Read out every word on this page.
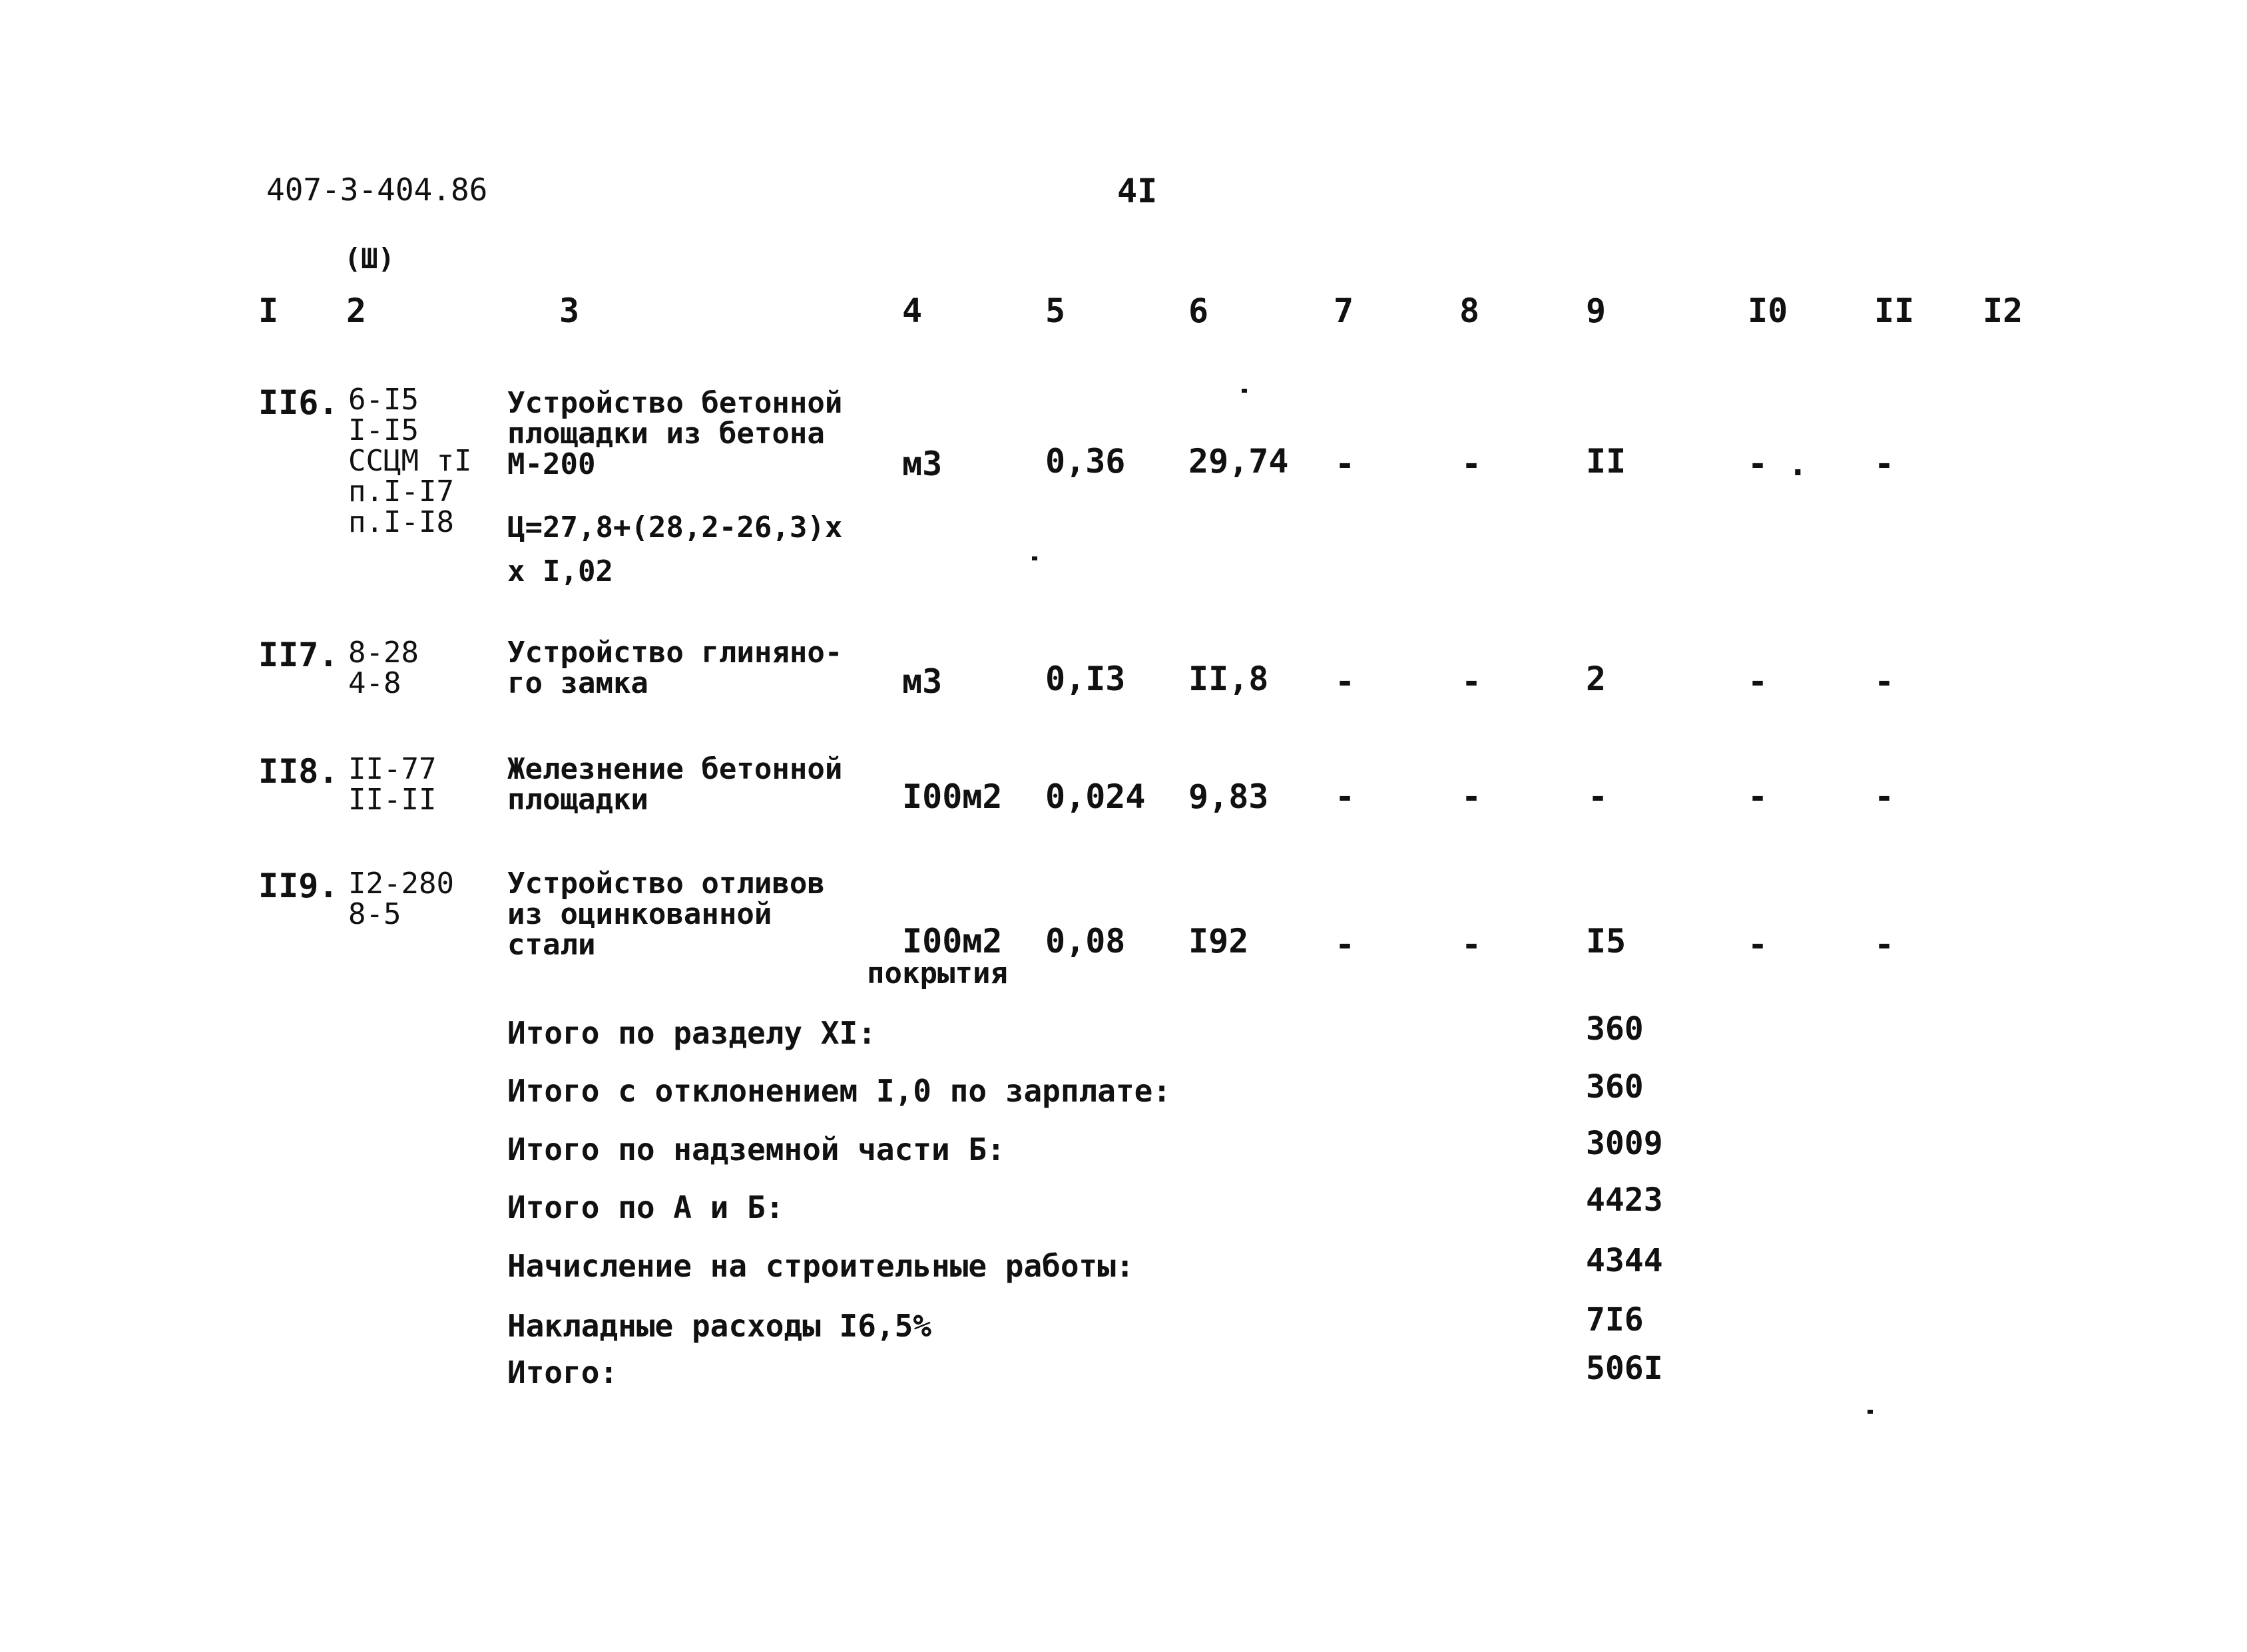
407-3-404.86	4I
(Ш)
I 2	3	4	5	6	7	8	9	I0	II I2
II6. 6-I5
I-I5
ССЦМ тI
п.I-I7
п.I-I8
Устройство бетонной
площадки из бетона
М-200
Ц=27,8+(28,2-26,3)х
х I,02
м3	0,36 29,74 -	-	II	- . -
II7. 8-28
4-8
Устройство глинянo-
го замка	м3	0,I3 II,8 -	-	2	-	-
II8. II-77
II-II
Железнение бетонной
площадки	I00м2 0,024 9,83 -	-	-	-	-
II9. I2-280
8-5
Устройство отливов
из оцинкованной
стали	I00м2
покрытия
0,08 I92	-	-	I5	-	-
Итого по разделу XI:	360
Итого с отклонением I,0 по зарплате:	360
Итого по надземной части Б:	3009
Итого по А и Б:	4423
Начисление на строительные работы:	4344
Накладные расходы I6,5%	7I6
Итого:	506I
